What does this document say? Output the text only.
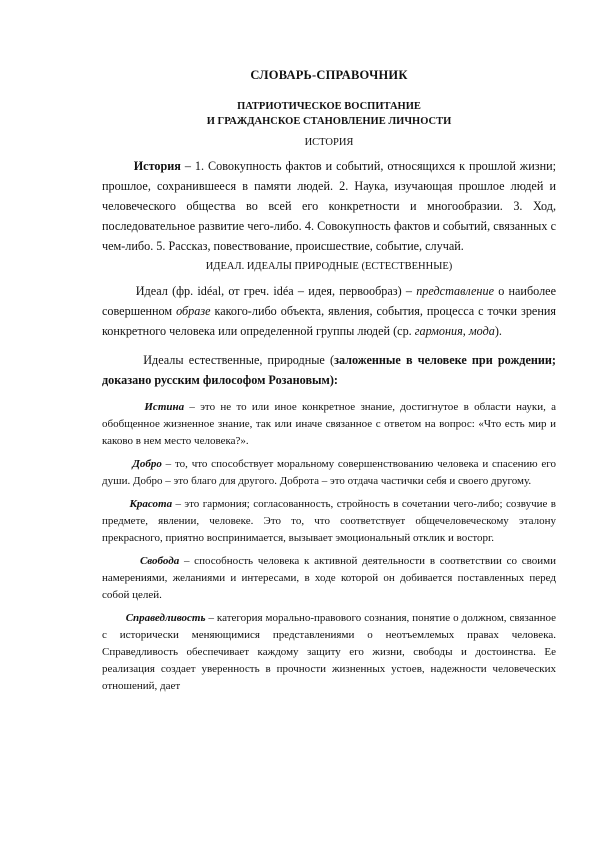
СЛОВАРЬ-СПРАВОЧНИК
ПАТРИОТИЧЕСКОЕ ВОСПИТАНИЕ
И ГРАЖДАНСКОЕ СТАНОВЛЕНИЕ ЛИЧНОСТИ
ИСТОРИЯ

История – 1. Совокупность фактов и событий, относящихся к прошлой жизни; прошлое, сохранившееся в памяти людей. 2. Наука, изучающая прошлое людей и человеческого общества во всей его конкретности и многообразии. 3. Ход, последовательное развитие чего-либо. 4. Совокупность фактов и событий, связанных с чем-либо. 5. Рассказ, повествование, происшествие, событие, случай.

ИДЕАЛ. ИДЕАЛЫ ПРИРОДНЫЕ (ЕСТЕСТВЕННЫЕ)

Идеал (фр. idéal, от греч. idéa – идея, первообраз) – представление о наиболее совершенном образе какого-либо объекта, явления, события, процесса с точки зрения конкретного человека или определенной группы людей (ср. гармония, мода).

Идеалы естественные, природные (заложенные в человеке при рождении; доказано русским философом Розановым):

Истина – это не то или иное конкретное знание, достигнутое в области науки, а обобщенное жизненное знание, так или иначе связанное с ответом на вопрос: «Что есть мир и каково в нем место человека?».

Добро – то, что способствует моральному совершенствованию человека и спасению его души. Добро – это благо для другого. Доброта – это отдача частички себя и своего другому.

Красота – это гармония; согласованность, стройность в сочетании чего-либо; созвучие в предмете, явлении, человеке. Это то, что соответствует общечеловеческому эталону прекрасного, приятно воспринимается, вызывает эмоциональный отклик и восторг.

Свобода – способность человека к активной деятельности в соответствии со своими намерениями, желаниями и интересами, в ходе которой он добивается поставленных перед собой целей.

Справедливость – категория морально-правового сознания, понятие о должном, связанное с исторически меняющимися представлениями о неотъемлемых правах человека. Справедливость обеспечивает каждому защиту его жизни, свободы и достоинства. Ее реализация создает уверенность в прочности жизненных устоев, надежности человеческих отношений, дает
